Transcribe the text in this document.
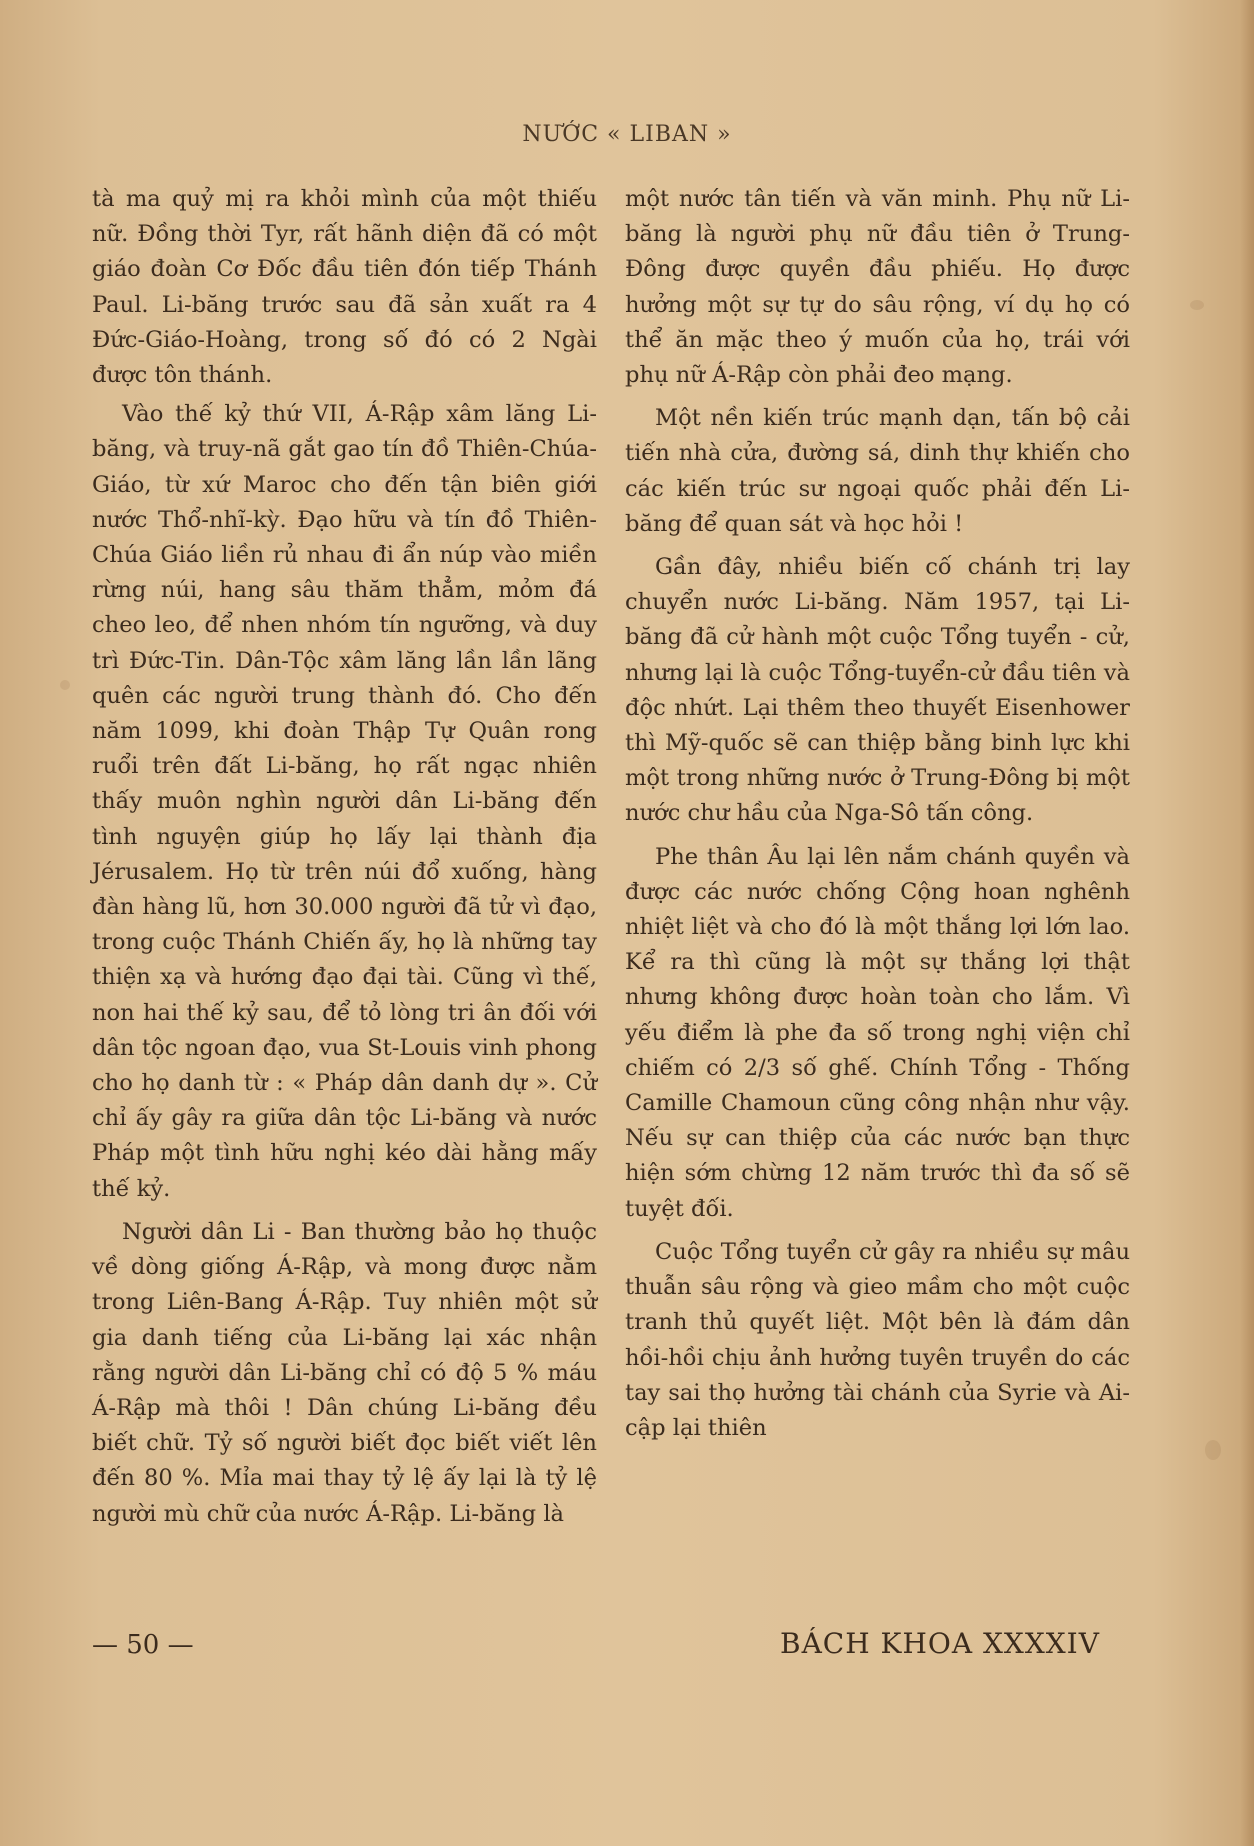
NƯỚC « LIBAN »

tà ma quỷ mị ra khỏi mình của một thiếu nữ. Đồng thời Tyr, rất hãnh diện đã có một giáo đoàn Cơ Đốc đầu tiên đón tiếp Thánh Paul. Li-băng trước sau đã sản xuất ra 4 Đức-Giáo-Hoàng, trong số đó có 2 Ngài được tôn thánh.

Vào thế kỷ thứ VII, Á-Rập xâm lăng Li-băng, và truy-nã gắt gao tín đồ Thiên-Chúa-Giáo, từ xứ Maroc cho đến tận biên giới nước Thổ-nhĩ-kỳ. Đạo hữu và tín đồ Thiên-Chúa Giáo liền rủ nhau đi ẩn núp vào miền rừng núi, hang sâu thăm thẳm, mỏm đá cheo leo, để nhen nhóm tín ngưỡng, và duy trì Đức-Tin. Dân-Tộc xâm lăng lần lần lãng quên các người trung thành đó. Cho đến năm 1099, khi đoàn Thập Tự Quân rong ruổi trên đất Li-băng, họ rất ngạc nhiên thấy muôn nghìn người dân Li-băng đến tình nguyện giúp họ lấy lại thành địa Jérusalem. Họ từ trên núi đổ xuống, hàng đàn hàng lũ, hơn 30.000 người đã tử vì đạo, trong cuộc Thánh Chiến ấy, họ là những tay thiện xạ và hướng đạo đại tài. Cũng vì thế, non hai thế kỷ sau, để tỏ lòng tri ân đối với dân tộc ngoan đạo, vua St-Louis vinh phong cho họ danh từ : « Pháp dân danh dự ». Cử chỉ ấy gây ra giữa dân tộc Li-băng và nước Pháp một tình hữu nghị kéo dài hằng mấy thế kỷ.

Người dân Li - Ban thường bảo họ thuộc về dòng giống Á-Rập, và mong được nằm trong Liên-Bang Á-Rập. Tuy nhiên một sử gia danh tiếng của Li-băng lại xác nhận rằng người dân Li-băng chỉ có độ 5 % máu Á-Rập mà thôi ! Dân chúng Li-băng đều biết chữ. Tỷ số người biết đọc biết viết lên đến 80 %. Mỉa mai thay tỷ lệ ấy lại là tỷ lệ người mù chữ của nước Á-Rập. Li-băng là

một nước tân tiến và văn minh. Phụ nữ Li-băng là người phụ nữ đầu tiên ở Trung-Đông được quyền đầu phiếu. Họ được hưởng một sự tự do sâu rộng, ví dụ họ có thể ăn mặc theo ý muốn của họ, trái với phụ nữ Á-Rập còn phải đeo mạng.

Một nền kiến trúc mạnh dạn, tấn bộ cải tiến nhà cửa, đường sá, dinh thự khiến cho các kiến trúc sư ngoại quốc phải đến Li-băng để quan sát và học hỏi !

Gần đây, nhiều biến cố chánh trị lay chuyển nước Li-băng. Năm 1957, tại Li-băng đã cử hành một cuộc Tổng tuyển - cử, nhưng lại là cuộc Tổng-tuyển-cử đầu tiên và độc nhứt. Lại thêm theo thuyết Eisenhower thì Mỹ-quốc sẽ can thiệp bằng binh lực khi một trong những nước ở Trung-Đông bị một nước chư hầu của Nga-Sô tấn công.

Phe thân Âu lại lên nắm chánh quyền và được các nước chống Cộng hoan nghênh nhiệt liệt và cho đó là một thắng lợi lớn lao. Kể ra thì cũng là một sự thắng lợi thật nhưng không được hoàn toàn cho lắm. Vì yếu điểm là phe đa số trong nghị viện chỉ chiếm có 2/3 số ghế. Chính Tổng - Thống Camille Chamoun cũng công nhận như vậy. Nếu sự can thiệp của các nước bạn thực hiện sớm chừng 12 năm trước thì đa số sẽ tuyệt đối.

Cuộc Tổng tuyển cử gây ra nhiều sự mâu thuẫn sâu rộng và gieo mầm cho một cuộc tranh thủ quyết liệt. Một bên là đám dân hồi-hồi chịu ảnh hưởng tuyên truyền do các tay sai thọ hưởng tài chánh của Syrie và Ai-cập lại thiên

— 50 —	BÁCH KHOA XXXXIV
